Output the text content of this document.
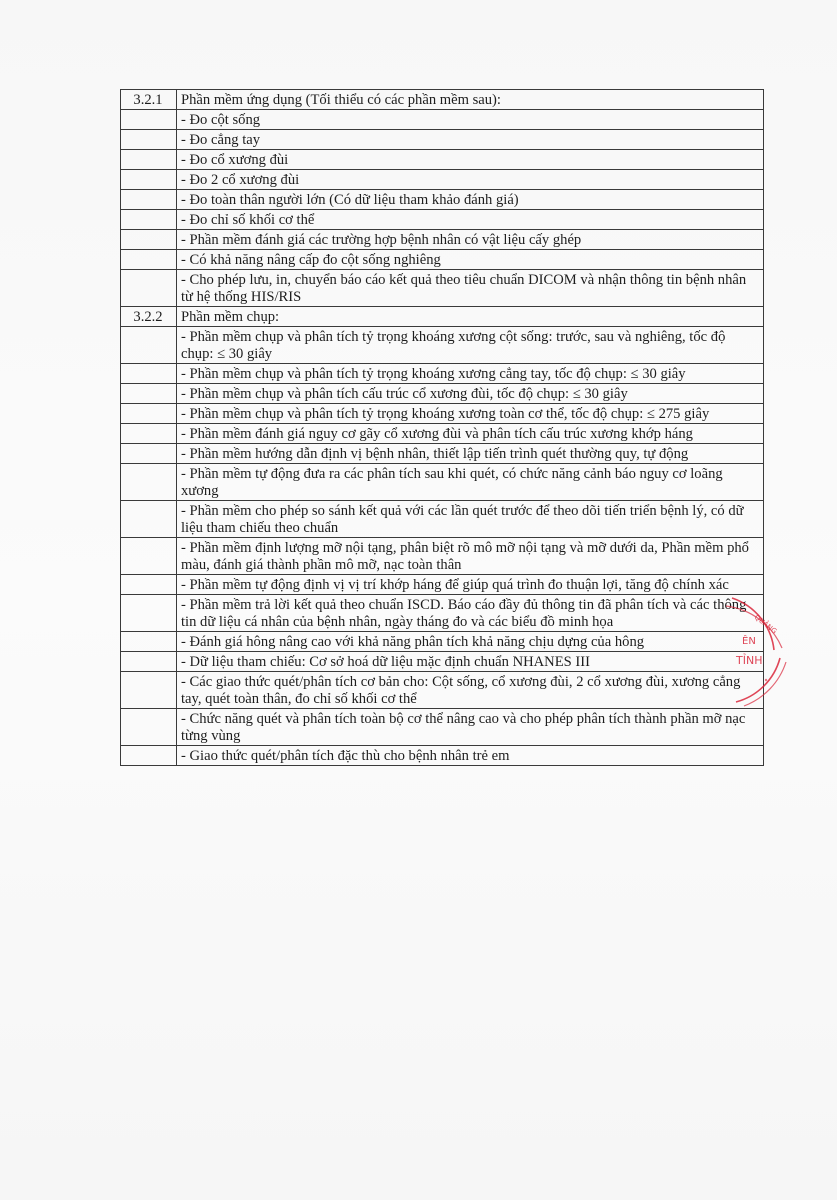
3.2.1	Phần mềm ứng dụng (Tối thiểu có các phần mềm sau):
	- Đo cột sống
	- Đo cẳng tay
	- Đo cổ xương đùi
	- Đo 2 cổ xương đùi
	- Đo toàn thân người lớn (Có dữ liệu tham khảo đánh giá)
	- Đo chỉ số khối cơ thể
	- Phần mềm đánh giá các trường hợp bệnh nhân có vật liệu cấy ghép
	- Có khả năng nâng cấp đo cột sống nghiêng
	- Cho phép lưu, in, chuyển báo cáo kết quả theo tiêu chuẩn DICOM và nhận thông tin bệnh nhân từ hệ thống HIS/RIS
3.2.2	Phần mềm chụp:
	- Phần mềm chụp và phân tích tỷ trọng khoáng xương cột sống: trước, sau và nghiêng, tốc độ chụp: ≤ 30 giây
	- Phần mềm chụp và phân tích tỷ trọng khoáng xương cẳng tay, tốc độ chụp: ≤ 30 giây
	- Phần mềm chụp và phân tích cấu trúc cổ xương đùi, tốc độ chụp: ≤ 30 giây
	- Phần mềm chụp và phân tích tỷ trọng khoáng xương toàn cơ thể, tốc độ chụp: ≤ 275 giây
	- Phần mềm đánh giá nguy cơ gãy cổ xương đùi và phân tích cấu trúc xương khớp háng
	- Phần mềm hướng dẫn định vị bệnh nhân, thiết lập tiến trình quét thường quy, tự động
	- Phần mềm tự động đưa ra các phân tích sau khi quét, có chức năng cảnh báo nguy cơ loãng xương
	- Phần mềm cho phép so sánh kết quả với các lần quét trước để theo dõi tiến triển bệnh lý, có dữ liệu tham chiếu theo chuẩn
	- Phần mềm định lượng mỡ nội tạng, phân biệt rõ mô mỡ nội tạng và mỡ dưới da, Phần mềm phổ màu, đánh giá thành phần mô mỡ, nạc toàn thân
	- Phần mềm tự động định vị vị trí khớp háng để giúp quá trình đo thuận lợi, tăng độ chính xác
	- Phần mềm trả lời kết quả theo chuẩn ISCD. Báo cáo đầy đủ thông tin đã phân tích và các thông tin dữ liệu cá nhân của bệnh nhân, ngày tháng đo và các biểu đồ minh họa
	- Đánh giá hông nâng cao với khả năng phân tích khả năng chịu dựng của hông
	- Dữ liệu tham chiếu: Cơ sở hoá dữ liệu mặc định chuẩn NHANES III
	- Các giao thức quét/phân tích cơ bản cho: Cột sống, cổ xương đùi, 2 cổ xương đùi, xương cẳng tay, quét toàn thân, đo chỉ số khối cơ thể
	- Chức năng quét và phân tích toàn bộ cơ thể nâng cao và cho phép phân tích thành phần mỡ nạc từng vùng
	- Giao thức quét/phân tích đặc thù cho bệnh nhân trẻ em
QUẢNG
ÊN
TỈNH
